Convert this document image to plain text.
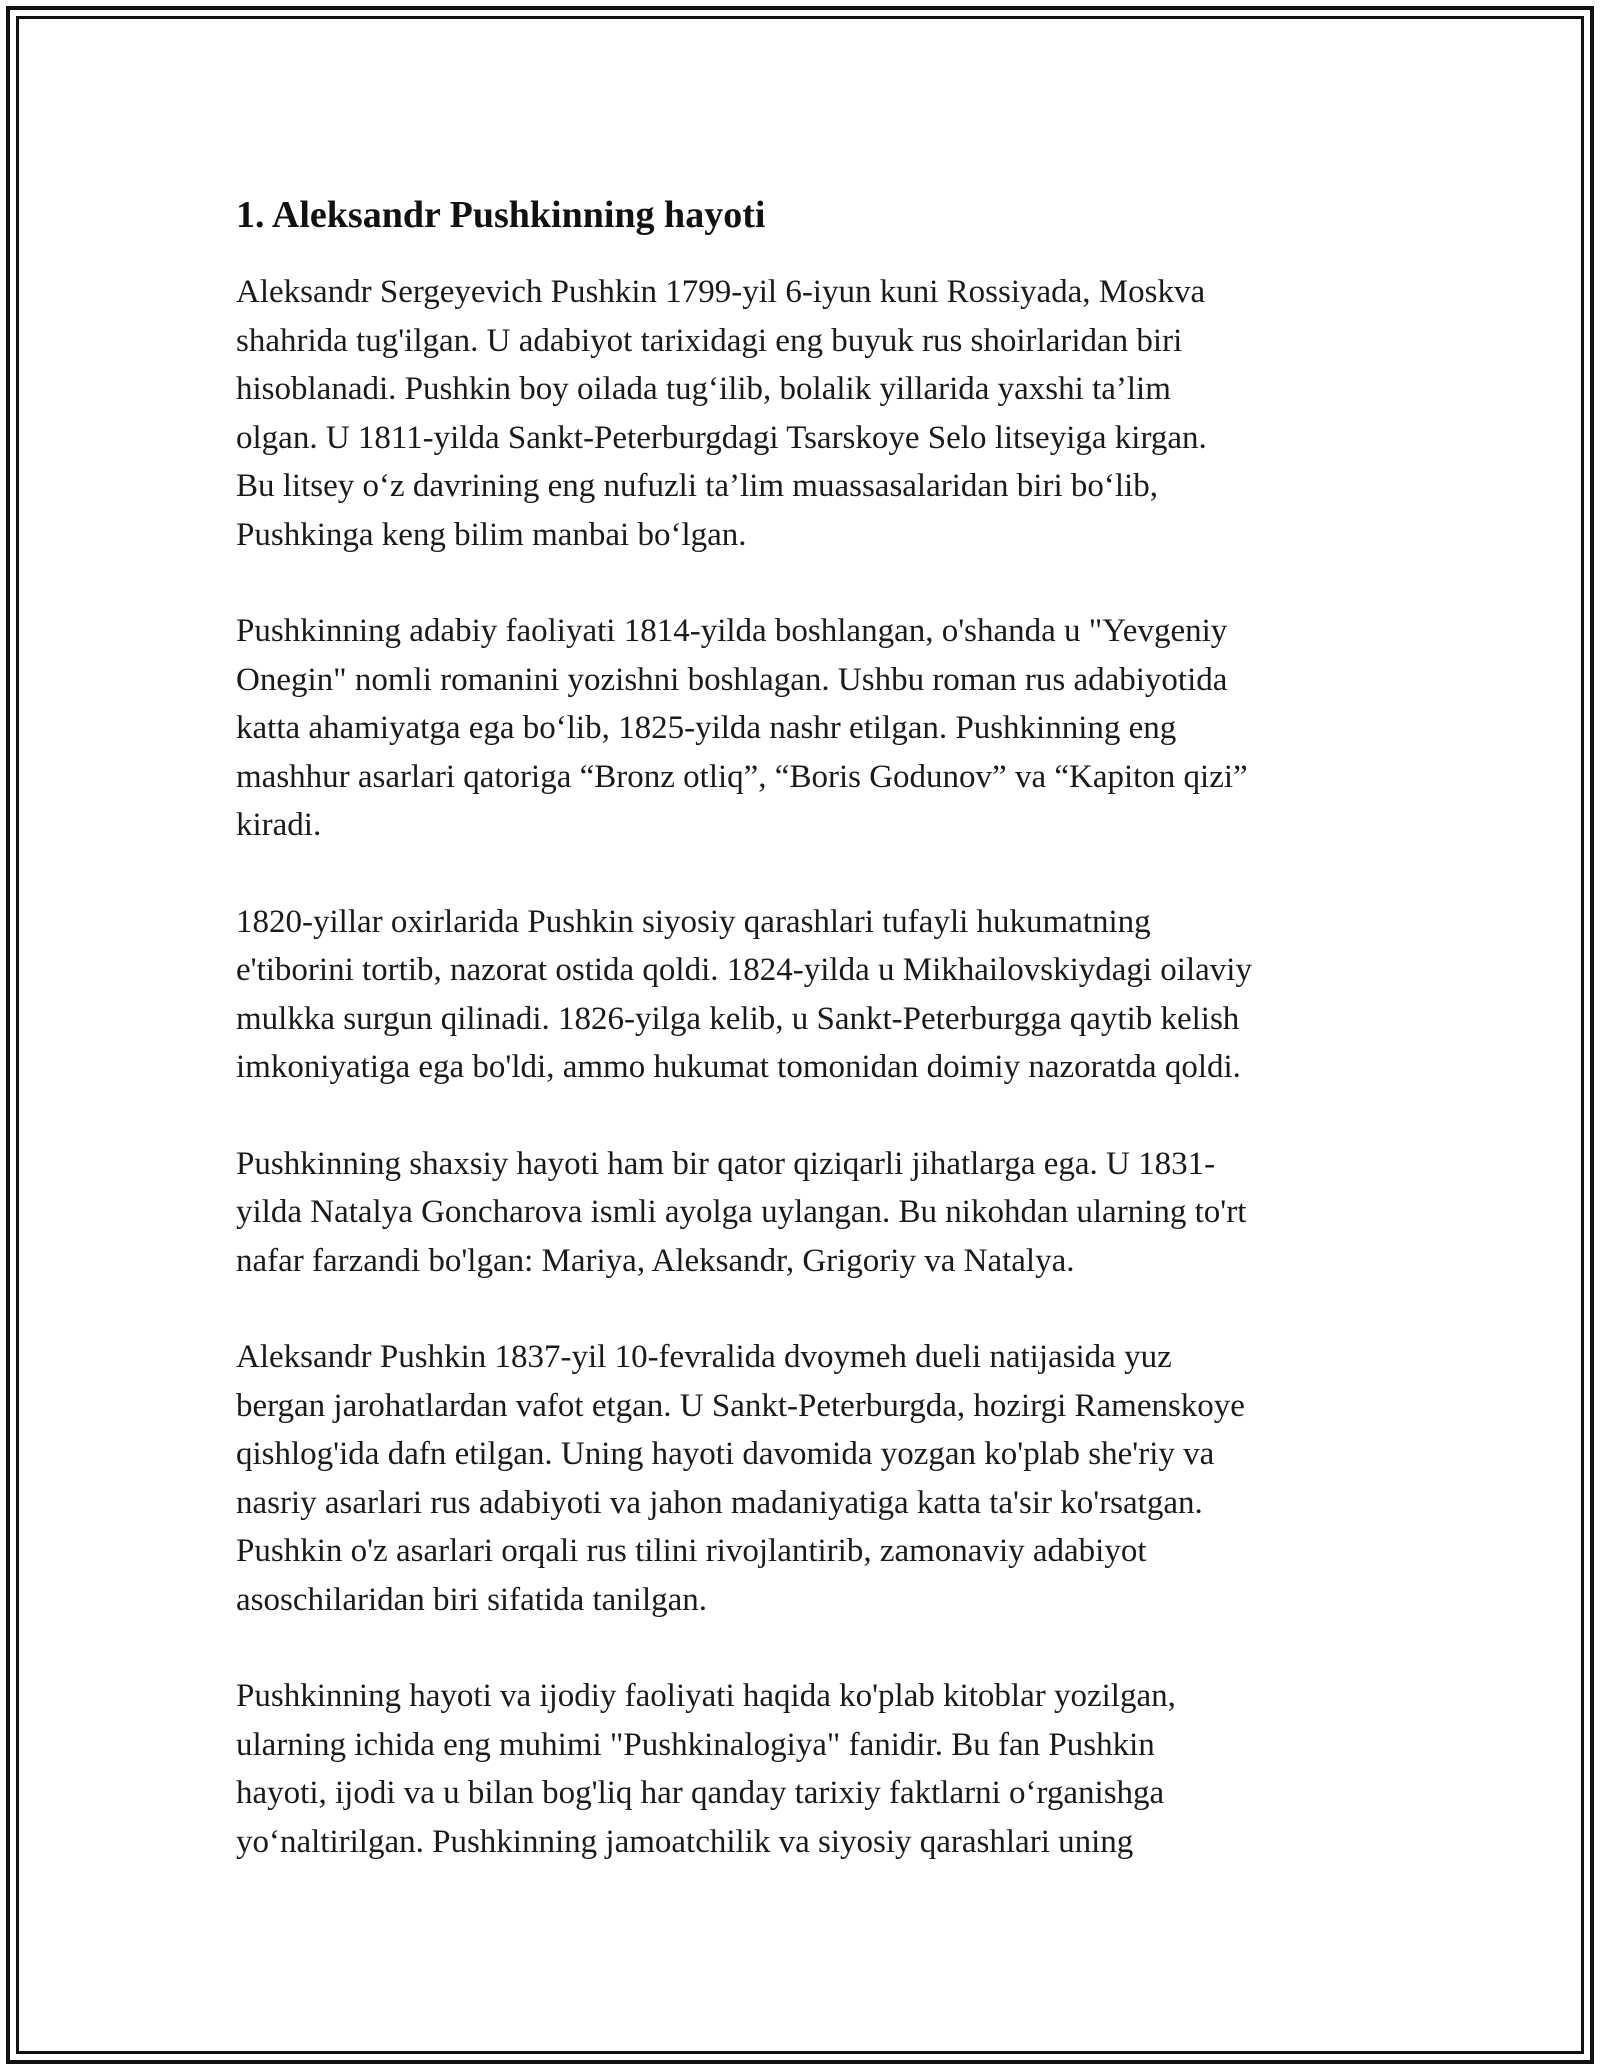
1. Aleksandr Pushkinning hayoti

Aleksandr Sergeyevich Pushkin 1799-yil 6-iyun kuni Rossiyada, Moskva
shahrida tug'ilgan. U adabiyot tarixidagi eng buyuk rus shoirlaridan biri
hisoblanadi. Pushkin boy oilada tug‘ilib, bolalik yillarida yaxshi ta’lim
olgan. U 1811-yilda Sankt-Peterburgdagi Tsarskoye Selo litseyiga kirgan.
Bu litsey o‘z davrining eng nufuzli ta’lim muassasalaridan biri bo‘lib,
Pushkinga keng bilim manbai bo‘lgan.

Pushkinning adabiy faoliyati 1814-yilda boshlangan, o'shanda u "Yevgeniy
Onegin" nomli romanini yozishni boshlagan. Ushbu roman rus adabiyotida
katta ahamiyatga ega bo‘lib, 1825-yilda nashr etilgan. Pushkinning eng
mashhur asarlari qatoriga “Bronz otliq”, “Boris Godunov” va “Kapiton qizi”
kiradi.

1820-yillar oxirlarida Pushkin siyosiy qarashlari tufayli hukumatning
e'tiborini tortib, nazorat ostida qoldi. 1824-yilda u Mikhailovskiydagi oilaviy
mulkka surgun qilinadi. 1826-yilga kelib, u Sankt-Peterburgga qaytib kelish
imkoniyatiga ega bo'ldi, ammo hukumat tomonidan doimiy nazoratda qoldi.

Pushkinning shaxsiy hayoti ham bir qator qiziqarli jihatlarga ega. U 1831-
yilda Natalya Goncharova ismli ayolga uylangan. Bu nikohdan ularning to'rt
nafar farzandi bo'lgan: Mariya, Aleksandr, Grigoriy va Natalya.

Aleksandr Pushkin 1837-yil 10-fevralida dvoymeh dueli natijasida yuz
bergan jarohatlardan vafot etgan. U Sankt-Peterburgda, hozirgi Ramenskoye
qishlog'ida dafn etilgan. Uning hayoti davomida yozgan ko'plab she'riy va
nasriy asarlari rus adabiyoti va jahon madaniyatiga katta ta'sir ko'rsatgan.
Pushkin o'z asarlari orqali rus tilini rivojlantirib, zamonaviy adabiyot
asoschilaridan biri sifatida tanilgan.

Pushkinning hayoti va ijodiy faoliyati haqida ko'plab kitoblar yozilgan,
ularning ichida eng muhimi "Pushkinalogiya" fanidir. Bu fan Pushkin
hayoti, ijodi va u bilan bog'liq har qanday tarixiy faktlarni o‘rganishga
yo‘naltirilgan. Pushkinning jamoatchilik va siyosiy qarashlari uning
